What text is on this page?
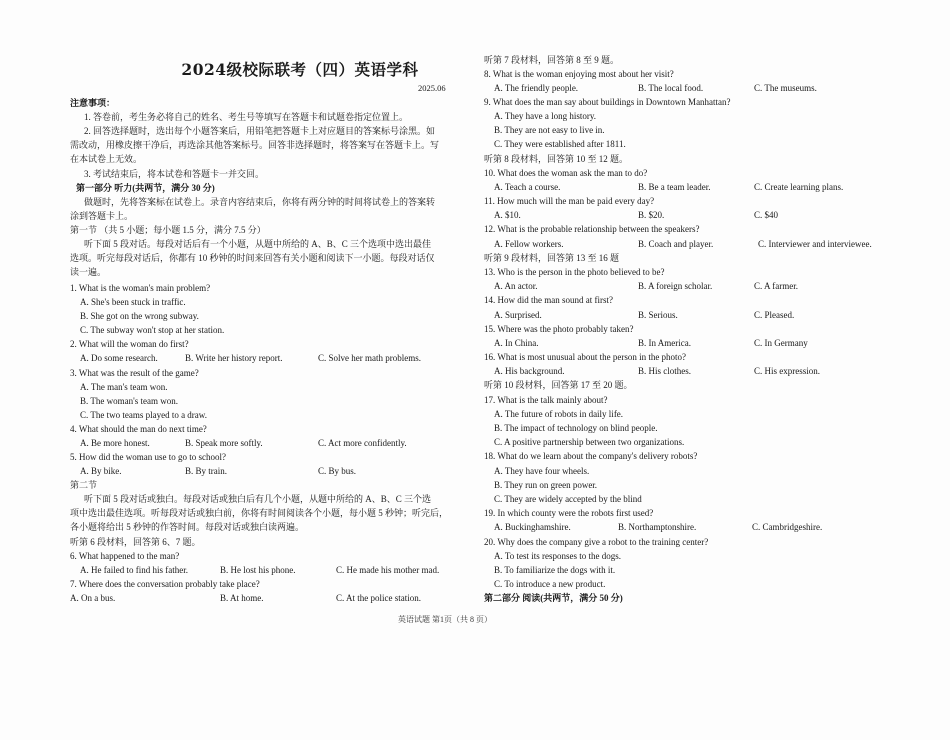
2024级校际联考（四）英语学科
2025.06
注意事项：
1. 答卷前，考生务必将自己的姓名、考生号等填写在答题卡和试题卷指定位置上。
2. 回答选择题时，选出每个小题答案后，用铅笔把答题卡上对应题目的答案标号涂黑。如
需改动，用橡皮擦干净后，再选涂其他答案标号。回答非选择题时，将答案写在答题卡上。写
在本试卷上无效。
3. 考试结束后，将本试卷和答题卡一并交回。
第一部分 听力(共两节，满分 30 分)
做题时，先将答案标在试卷上。录音内容结束后，你将有两分钟的时间将试卷上的答案转
涂到答题卡上。
第一节 （共 5 小题；每小题 1.5 分，满分 7.5 分）
听下面 5 段对话。每段对话后有一个小题，从题中所给的 A、B、C 三个选项中选出最佳
选项。听完每段对话后，你都有 10 秒钟的时间来回答有关小题和阅读下一小题。每段对话仅
读一遍。
1. What is the woman's main problem?
A. She's been stuck in traffic.
B. She got on the wrong subway.
C. The subway won't stop at her station.
2. What will the woman do first?
A. Do some research.	B. Write her history report.	C. Solve her math problems.
3. What was the result of the game?
A. The man's team won.
B. The woman's team won.
C. The two teams played to a draw.
4. What should the man do next time?
A. Be more honest.	B. Speak more softly.	C. Act more confidently.
5. How did the woman use to go to school?
A. By bike.	B. By train.	C. By bus.
第二节
听下面 5 段对话或独白。每段对话或独白后有几个小题，从题中所给的 A、B、C 三个选
项中选出最佳选项。听每段对话或独白前，你将有时间阅读各个小题，每小题 5 秒钟；听完后，
各小题将给出 5 秒钟的作答时间。每段对话或独白读两遍。
听第 6 段材料，回答第 6、7 题。
6. What happened to the man?
A. He failed to find his father.	B. He lost his phone.	C. He made his mother mad.
7. Where does the conversation probably take place?
A. On a bus.	B. At home.	C. At the police station.
听第 7 段材料，回答第 8 至 9 题。
8. What is the woman enjoying most about her visit?
A. The friendly people.	B. The local food.	C. The museums.
9. What does the man say about buildings in Downtown Manhattan?
A. They have a long history.
B. They are not easy to live in.
C. They were established after 1811.
听第 8 段材料，回答第 10 至 12 题。
10. What does the woman ask the man to do?
A. Teach a course.	B. Be a team leader.	C. Create learning plans.
11. How much will the man be paid every day?
A. $10.	B. $20.	C. $40
12. What is the probable relationship between the speakers?
A. Fellow workers.	B. Coach and player.	C. Interviewer and interviewee.
听第 9 段材料，回答第 13 至 16 题
13. Who is the person in the photo believed to be?
A. An actor.	B. A foreign scholar.	C. A farmer.
14. How did the man sound at first?
A. Surprised.	B. Serious.	C. Pleased.
15. Where was the photo probably taken?
A. In China.	B. In America.	C. In Germany
16. What is most unusual about the person in the photo?
A. His background.	B. His clothes.	C. His expression.
听第 10 段材料，回答第 17 至 20 题。
17. What is the talk mainly about?
A. The future of robots in daily life.
B. The impact of technology on blind people.
C. A positive partnership between two organizations.
18. What do we learn about the company's delivery robots?
A. They have four wheels.
B. They run on green power.
C. They are widely accepted by the blind
19. In which county were the robots first used?
A. Buckinghamshire.	B. Northamptonshire.	C. Cambridgeshire.
20. Why does the company give a robot to the training center?
A. To test its responses to the dogs.
B. To familiarize the dogs with it.
C. To introduce a new product.
第二部分 阅读(共两节，满分 50 分)
英语试题 第1页（共 8 页）
